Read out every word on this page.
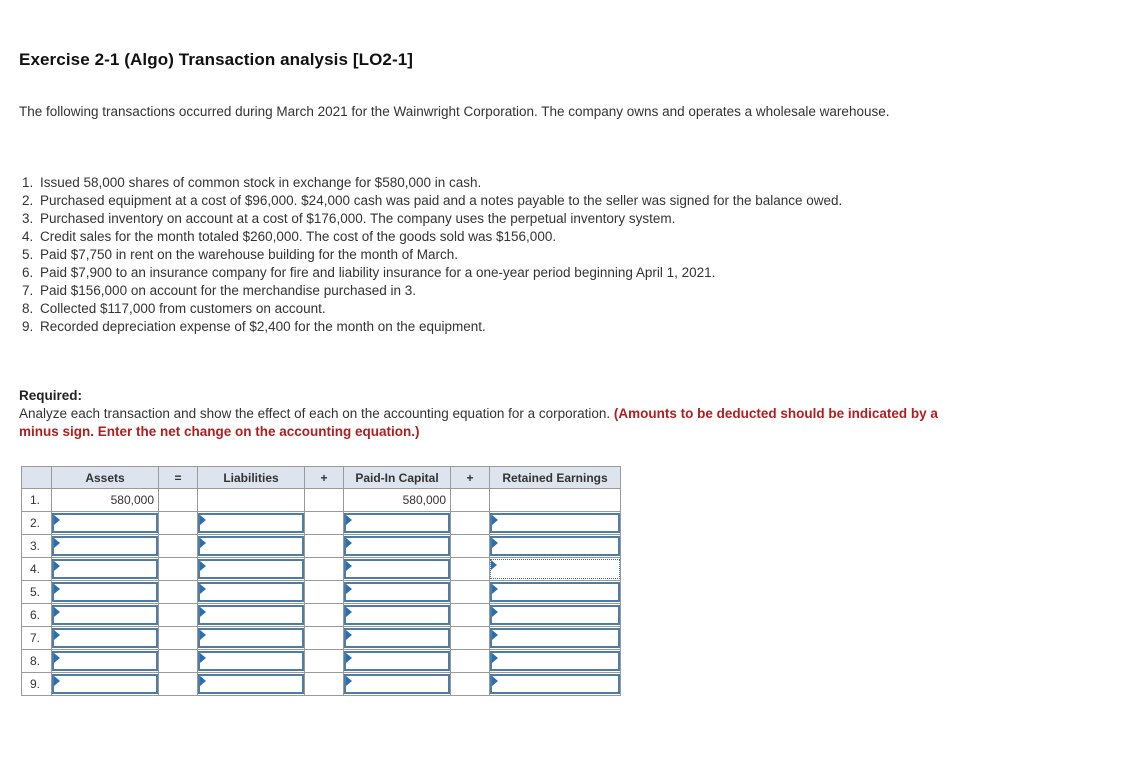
Exercise 2-1 (Algo) Transaction analysis [LO2-1]
The following transactions occurred during March 2021 for the Wainwright Corporation. The company owns and operates a wholesale warehouse.
1. Issued 58,000 shares of common stock in exchange for $580,000 in cash.
2. Purchased equipment at a cost of $96,000. $24,000 cash was paid and a notes payable to the seller was signed for the balance owed.
3. Purchased inventory on account at a cost of $176,000. The company uses the perpetual inventory system.
4. Credit sales for the month totaled $260,000. The cost of the goods sold was $156,000.
5. Paid $7,750 in rent on the warehouse building for the month of March.
6. Paid $7,900 to an insurance company for fire and liability insurance for a one-year period beginning April 1, 2021.
7. Paid $156,000 on account for the merchandise purchased in 3.
8. Collected $117,000 from customers on account.
9. Recorded depreciation expense of $2,400 for the month on the equipment.
Required:
Analyze each transaction and show the effect of each on the accounting equation for a corporation. (Amounts to be deducted should be indicated by a minus sign. Enter the net change on the accounting equation.)
	Assets	=	Liabilities	+	Paid-In Capital	+	Retained Earnings
1.	580,000				580,000		
2.	

3.	

4.	

5.	

6.	

7.	

8.	

9.	
